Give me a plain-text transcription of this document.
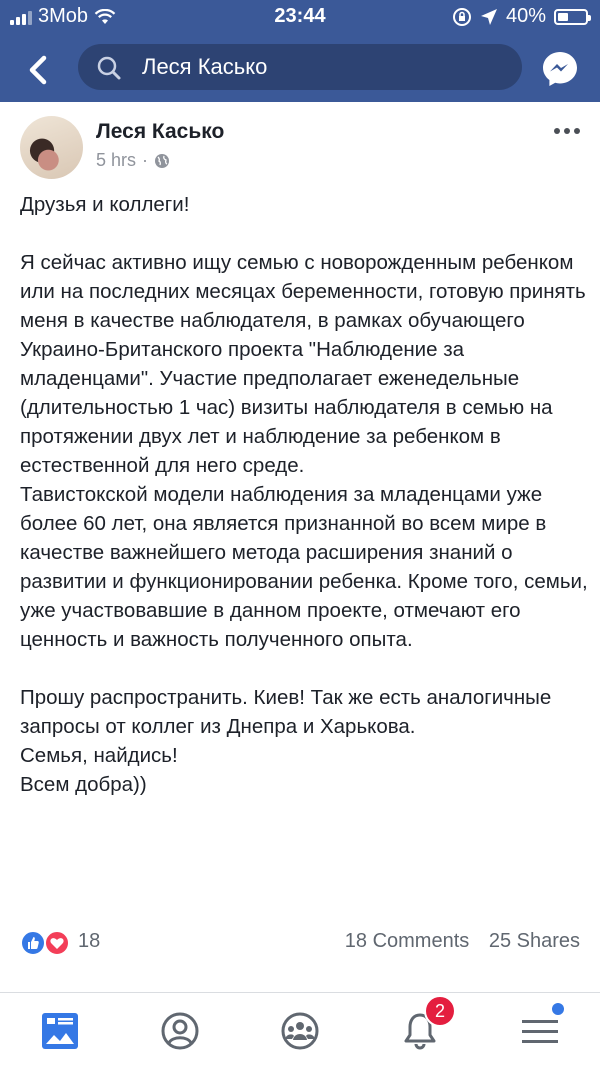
3Mob	23:44	40%
Леся Касько
Леся Касько
5 hrs ·

Друзья и коллеги!

Я сейчас активно ищу семью с новорожденным ребенком или на последних месяцах беременности, готовую принять меня в качестве наблюдателя, в рамках обучающего Украино-Британского проекта "Наблюдение за младенцами". Участие предполагает еженедельные (длительностью 1 час) визиты наблюдателя в семью на протяжении двух лет и наблюдение за ребенком в естественной для него среде.

Тавистокской модели наблюдения за младенцами уже более 60 лет, она является признанной во всем мире в качестве важнейшего метода расширения знаний о развитии и функционировании ребенка. Кроме того, семьи, уже участвовавшие в данном проекте, отмечают его ценность и важность полученного опыта.

Прошу распространить. Киев! Так же есть аналогичные запросы от коллег из Днепра и Харькова.

Семья, найдись!

Всем добра))

18	18 Comments 25 Shares
2
